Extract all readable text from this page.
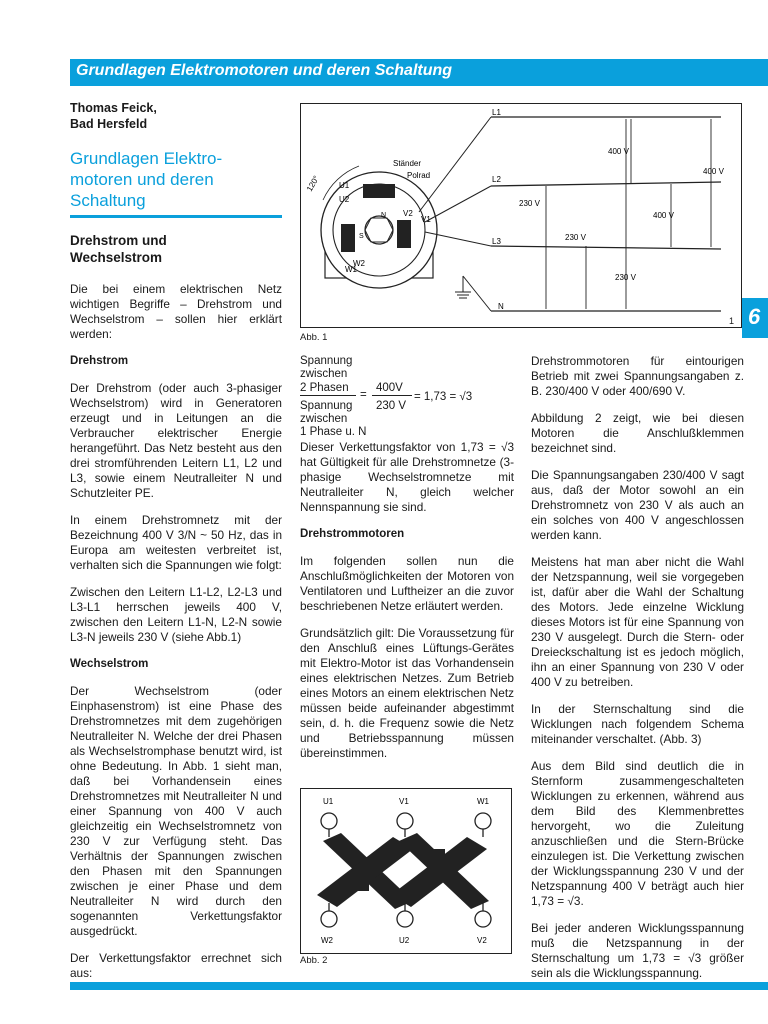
Grundlagen Elektromotoren und deren Schaltung
Thomas Feick,
Bad Hersfeld
Grundlagen Elektro-
motoren und deren
Schaltung
Drehstrom und
Wechselstrom

Die bei einem elektrischen Netz wichtigen Begriffe – Drehstrom und Wechselstrom – sollen hier erklärt werden:

Drehstrom

Der Drehstrom (oder auch 3-phasiger Wechselstrom) wird in Generatoren erzeugt und in Leitungen an die Verbraucher elektrischer Energie herangeführt. Das Netz besteht aus den drei stromführenden Leitern L1, L2 und L3, sowie einem Neutralleiter N und Schutzleiter PE.

In einem Drehstromnetz mit der Bezeichnung 400 V 3/N ~ 50 Hz, das in Europa am weitesten verbreitet ist, verhalten sich die Spannungen wie folgt:

Zwischen den Leitern L1-L2, L2-L3 und L3-L1 herrschen jeweils 400 V, zwischen den Leitern L1-N, L2-N sowie L3-N jeweils 230 V (siehe Abb.1)

Wechselstrom

Der Wechselstrom (oder Einphasenstrom) ist eine Phase des Drehstromnetzes mit dem zugehörigen Neutralleiter N. Welche der drei Phasen als Wechselstromphase benutzt wird, ist ohne Bedeutung. In Abb. 1 sieht man, daß bei Vorhandensein eines Drehstromnetzes mit Neutralleiter N und einer Spannung von 400 V auch gleichzeitig ein Wechselstromnetz von 230 V zur Verfügung steht. Das Verhältnis der Spannungen zwischen den Phasen mit den Spannungen zwischen je einer Phase und dem Neutralleiter N wird durch den sogenannten Verkettungsfaktor ausgedrückt.

Der Verkettungsfaktor errechnet sich aus:

120°
Ständer
Polrad
U1
U2
V1
V2
W1
W2
N
S
L1
L2
L3
N
400 V
400 V
400 V
230 V
230 V
230 V
Abb. 1
Spannung
zwischen
2 Phasen
Spannung
zwischen
1 Phase u. N
=
400V
230 V
= 1,73 = √3

Dieser Verkettungsfaktor von 1,73 = √3 hat Gültigkeit für alle Drehstromnetze (3-phasige Wechselstromnetze mit Neutralleiter N, gleich welcher Nennspannung sie sind.

Drehstrommotoren

Im folgenden sollen nun die Anschlußmöglichkeiten der Motoren von Ventilatoren und Luftheizer an die zuvor beschriebenen Netze erläutert werden.

Grundsätzlich gilt: Die Voraussetzung für den Anschluß eines Lüftungs-Gerätes mit Elektro-Motor ist das Vorhandensein eines elektrischen Netzes. Zum Betrieb eines Motors an einem elektrischen Netz müssen beide aufeinander abgestimmt sein, d. h. die Frequenz sowie die Netz und Betriebsspannung müssen übereinstimmen.

U1	V1	W1
W2	U2	V2
Abb. 2

Drehstrommotoren für eintourigen Betrieb mit zwei Spannungsangaben z. B. 230/400 V oder 400/690 V.

Abbildung 2 zeigt, wie bei diesen Motoren die Anschlußklemmen bezeichnet sind.

Die Spannungsangaben 230/400 V sagt aus, daß der Motor sowohl an ein Drehstromnetz von 230 V als auch an ein solches von 400 V angeschlossen werden kann.

Meistens hat man aber nicht die Wahl der Netzspannung, weil sie vorgegeben ist, dafür aber die Wahl der Schaltung des Motors. Jede einzelne Wicklung dieses Motors ist für eine Spannung von 230 V ausgelegt. Durch die Stern- oder Dreieckschaltung ist es jedoch möglich, ihn an einer Spannung von 230 V oder 400 V zu betreiben.

In der Sternschaltung sind die Wicklungen nach folgendem Schema miteinander verschaltet. (Abb. 3)

Aus dem Bild sind deutlich die in Sternform zusammengeschalteten Wicklungen zu erkennen, während aus dem Bild des Klemmenbrettes hervorgeht, wo die Zuleitung anzuschließen und die Stern-Brücke einzulegen ist. Die Verkettung zwischen der Wicklungsspannung 230 V und der Netzspannung 400 V beträgt auch hier 1,73 = √3.

Bei jeder anderen Wicklungsspannung muß die Netzspannung in der Sternschaltung um 1,73 = √3 größer sein als die Wicklungsspannung.

6
1
